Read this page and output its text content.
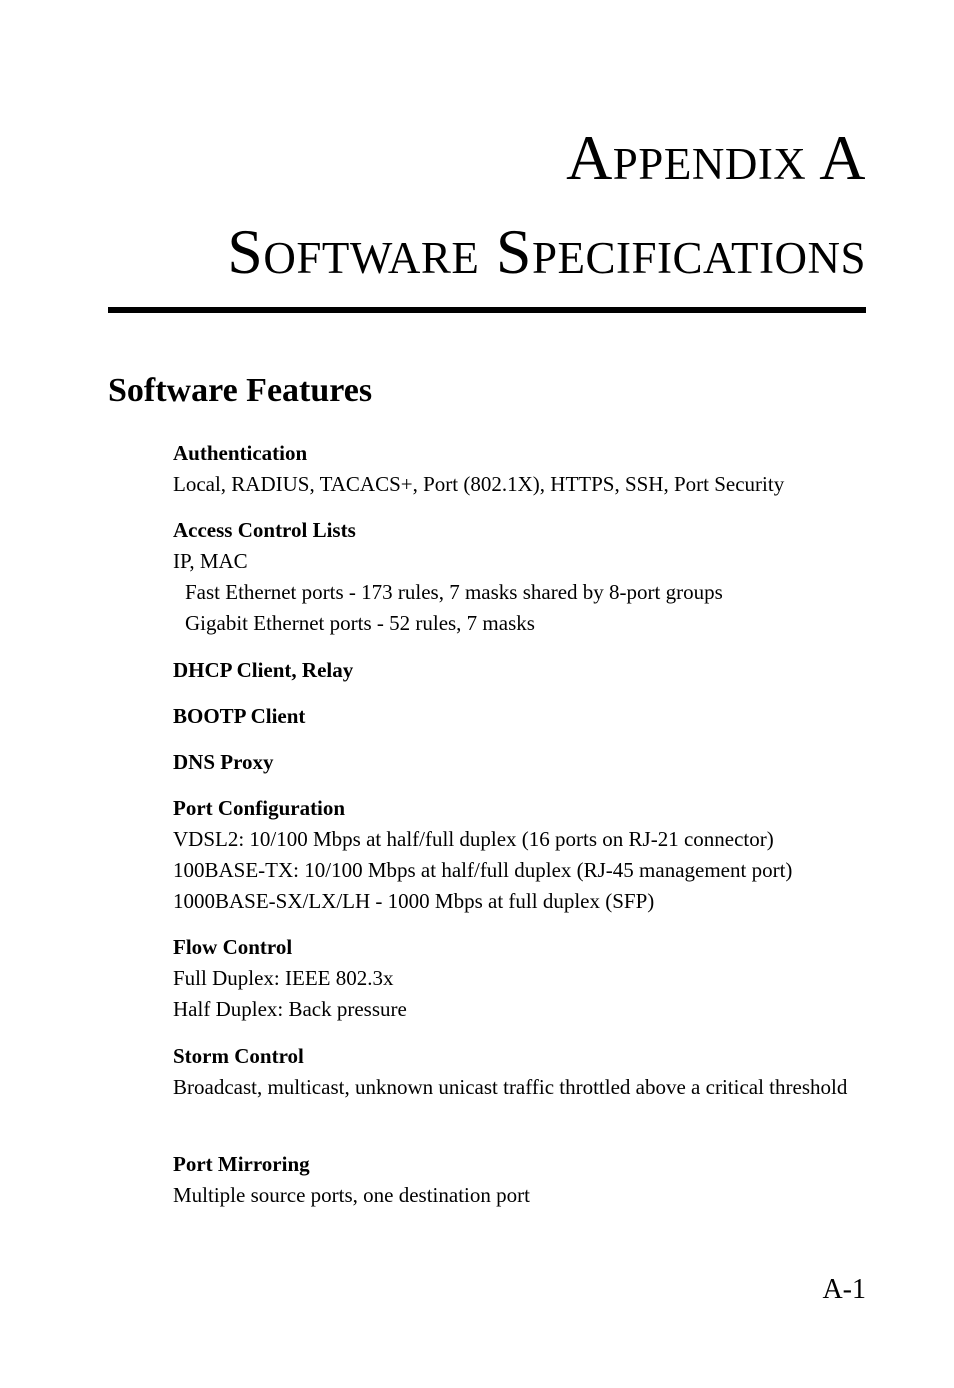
Appendix A
Software Specifications
Software Features
Authentication
Local, RADIUS, TACACS+, Port (802.1X), HTTPS, SSH, Port Security
Access Control Lists
IP, MAC
Fast Ethernet ports - 173 rules, 7 masks shared by 8-port groups
Gigabit Ethernet ports - 52 rules, 7 masks
DHCP Client, Relay
BOOTP Client
DNS Proxy
Port Configuration
VDSL2: 10/100 Mbps at half/full duplex (16 ports on RJ-21 connector)
100BASE-TX: 10/100 Mbps at half/full duplex (RJ-45 management port)
1000BASE-SX/LX/LH - 1000 Mbps at full duplex (SFP)
Flow Control
Full Duplex: IEEE 802.3x
Half Duplex: Back pressure
Storm Control
Broadcast, multicast, unknown unicast traffic throttled above a critical threshold
Port Mirroring
Multiple source ports, one destination port
A-1
